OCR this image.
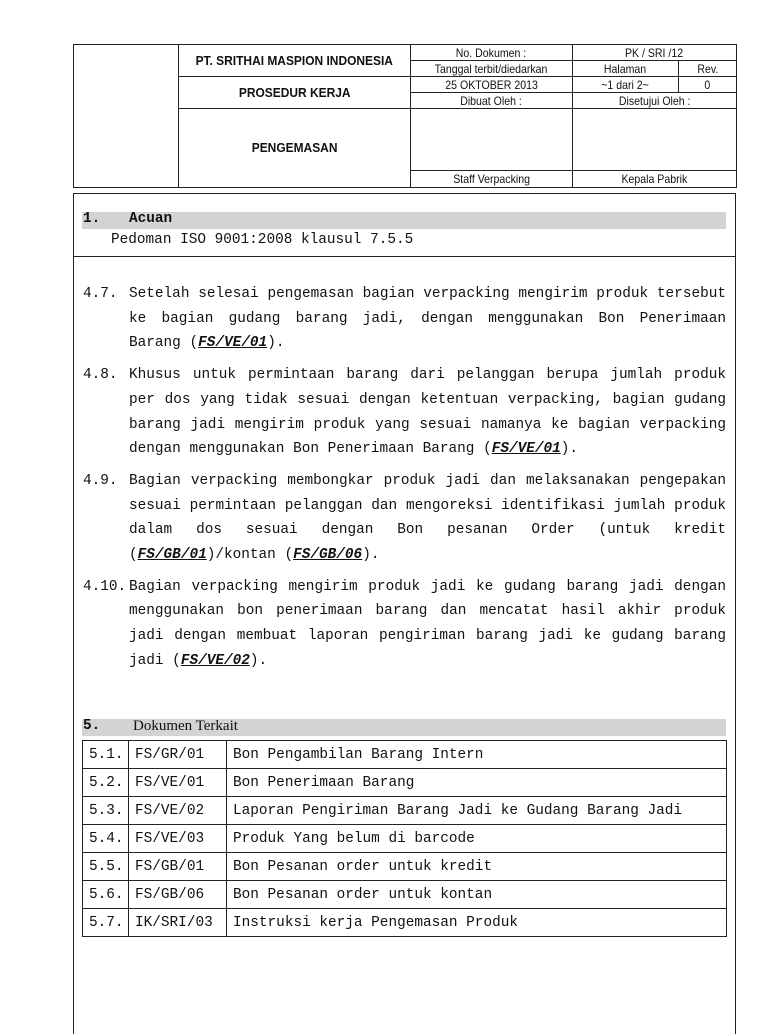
	PT. SRITHAI MASPION INDONESIA	No. Dokumen :	PK / SRI /12	
		Tanggal terbit/diedarkan	Halaman	Rev.
	PROSEDUR KERJA	25 OKTOBER 2013	~1 dari 2~	0
		Dibuat Oleh :	Disetujui Oleh :	
	PENGEMASAN			
		Staff Verpacking	Kepala Pabrik	
1. Acuan
Pedoman ISO 9001:2008 klausul 7.5.5
4.7. Setelah selesai pengemasan bagian verpacking mengirim produk tersebut ke bagian gudang barang jadi, dengan menggunakan Bon Penerimaan Barang (FS/VE/01).
4.8. Khusus untuk permintaan barang dari pelanggan berupa jumlah produk per dos yang tidak sesuai dengan ketentuan verpacking, bagian gudang barang jadi mengirim produk yang sesuai namanya ke bagian verpacking dengan menggunakan Bon Penerimaan Barang (FS/VE/01).
4.9. Bagian verpacking membongkar produk jadi dan melaksanakan pengepakan sesuai permintaan pelanggan dan mengoreksi identifikasi jumlah produk dalam dos sesuai dengan Bon pesanan Order (untuk kredit (FS/GB/01)/kontan (FS/GB/06).
4.10. Bagian verpacking mengirim produk jadi ke gudang barang jadi dengan menggunakan bon penerimaan barang dan mencatat hasil akhir produk jadi dengan membuat laporan pengiriman barang jadi ke gudang barang jadi (FS/VE/02).
5. Dokumen Terkait
5.1.	FS/GR/01	Bon Pengambilan Barang Intern
5.2.	FS/VE/01	Bon Penerimaan Barang
5.3.	FS/VE/02	Laporan Pengiriman Barang Jadi ke Gudang Barang Jadi
5.4.	FS/VE/03	Produk Yang belum di barcode
5.5.	FS/GB/01	Bon Pesanan order untuk kredit
5.6.	FS/GB/06	Bon Pesanan order untuk kontan
5.7.	IK/SRI/03	Instruksi kerja Pengemasan Produk
